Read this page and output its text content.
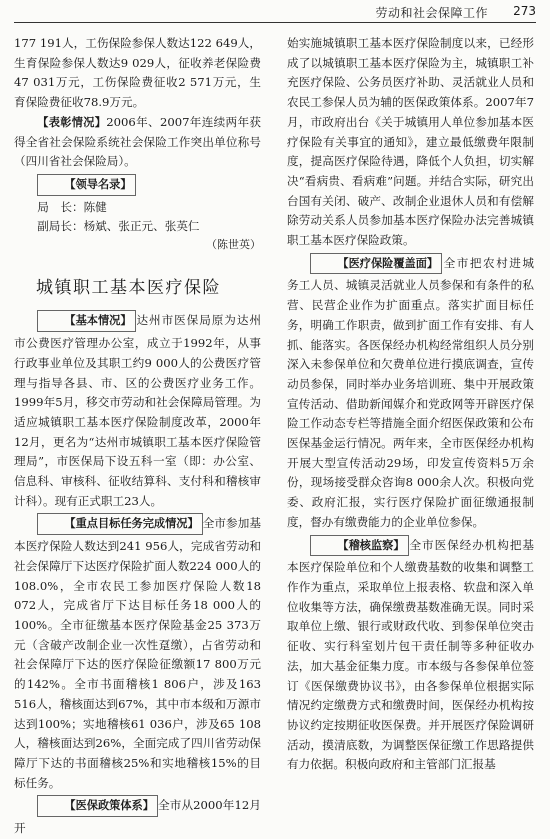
劳动和社会保障工作 273

177 191人，工伤保险参保人数达122 649人，生育保险参保人数达9 029人，征收养老保险费47 031万元，工伤保险费征收2 571万元，生育保险费征收78.9万元。

【表彰情况】2006年、2007年连续两年获得全省社会保险系统社会保险工作突出单位称号（四川省社会保险局）。

【领导名录】
局　长：陈健
副局长：杨斌、张正元、张英仁
（陈世英）
城镇职工基本医疗保险

【基本情况】 达州市医保局原为达州市公费医疗管理办公室，成立于1992年，从事行政事业单位及其职工约9 000人的公费医疗管理与指导各县、市、区的公费医疗业务工作。1999年5月，移交市劳动和社会保障局管理。为适应城镇职工基本医疗保险制度改革，2000年12月，更名为“达州市城镇职工基本医疗保险管理局”，市医保局下设五科一室（即：办公室、信息科、审核科、征收结算科、支付科和稽核审计科）。现有正式职工23人。

【重点目标任务完成情况】 全市参加基本医疗保险人数达到241 956人，完成省劳动和社会保障厅下达医疗保险扩面人数224 000人的108.0%，全市农民工参加医疗保险人数18 072人，完成省厅下达目标任务18 000人的100%。全市征缴基本医疗保险基金25 373万元（含破产改制企业一次性趸缴），占省劳动和社会保障厅下达的医疗保险征缴额17 800万元的142%。全市书面稽核1 806户，涉及163 516人，稽核面达到67%，其中市本级和万源市达到100%；实地稽核61 036户，涉及65 108人，稽核面达到26%，全面完成了四川省劳动保障厅下达的书面稽核25%和实地稽核15%的目标任务。

【医保政策体系】 全市从2000年12月开

始实施城镇职工基本医疗保险制度以来，已经形成了以城镇职工基本医疗保险为主，城镇职工补充医疗保险、公务员医疗补助、灵活就业人员和农民工参保人员为辅的医保政策体系。2007年7月，市政府出台《关于城镇用人单位参加基本医疗保险有关事宜的通知》，建立最低缴费年限制度，提高医疗保险待遇，降低个人负担，切实解决“看病贵、看病难”问题。并结合实际，研究出台国有关闭、破产、改制企业退休人员和有偿解除劳动关系人员参加基本医疗保险办法完善城镇职工基本医疗保险政策。

【医疗保险覆盖面】 全市把农村进城务工人员、城镇灵活就业人员参保和有条件的私营、民营企业作为扩面重点。落实扩面目标任务，明确工作职责，做到扩面工作有安排、有人抓、能落实。各医保经办机构经常组织人员分别深入未参保单位和欠费单位进行摸底调查，宣传动员参保，同时举办业务培训班、集中开展政策宣传活动、借助新闻媒介和党政网等开辟医疗保险工作动态专栏等措施全面介绍医保政策和公布医保基金运行情况。两年来，全市医保经办机构开展大型宣传活动29场，印发宣传资料5万余份，现场接受群众咨询8 000余人次。积极向党委、政府汇报，实行医疗保险扩面征缴通报制度，督办有缴费能力的企业单位参保。

【稽核监察】 全市医保经办机构把基本医疗保险单位和个人缴费基数的收集和调整工作作为重点，采取单位上报表格、软盘和深入单位收集等方法，确保缴费基数准确无误。同时采取单位上缴、银行或财政代收、到参保单位突击征收、实行科室划片包干责任制等多种征收办法，加大基金征集力度。市本级与各参保单位签订《医保缴费协议书》，由各参保单位根据实际情况约定缴费方式和缴费时间，医保经办机构按协议约定按期征收医保费。并开展医疗保险调研活动，摸清底数，为调整医保征缴工作思路提供有力依据。积极向政府和主管部门汇报基
